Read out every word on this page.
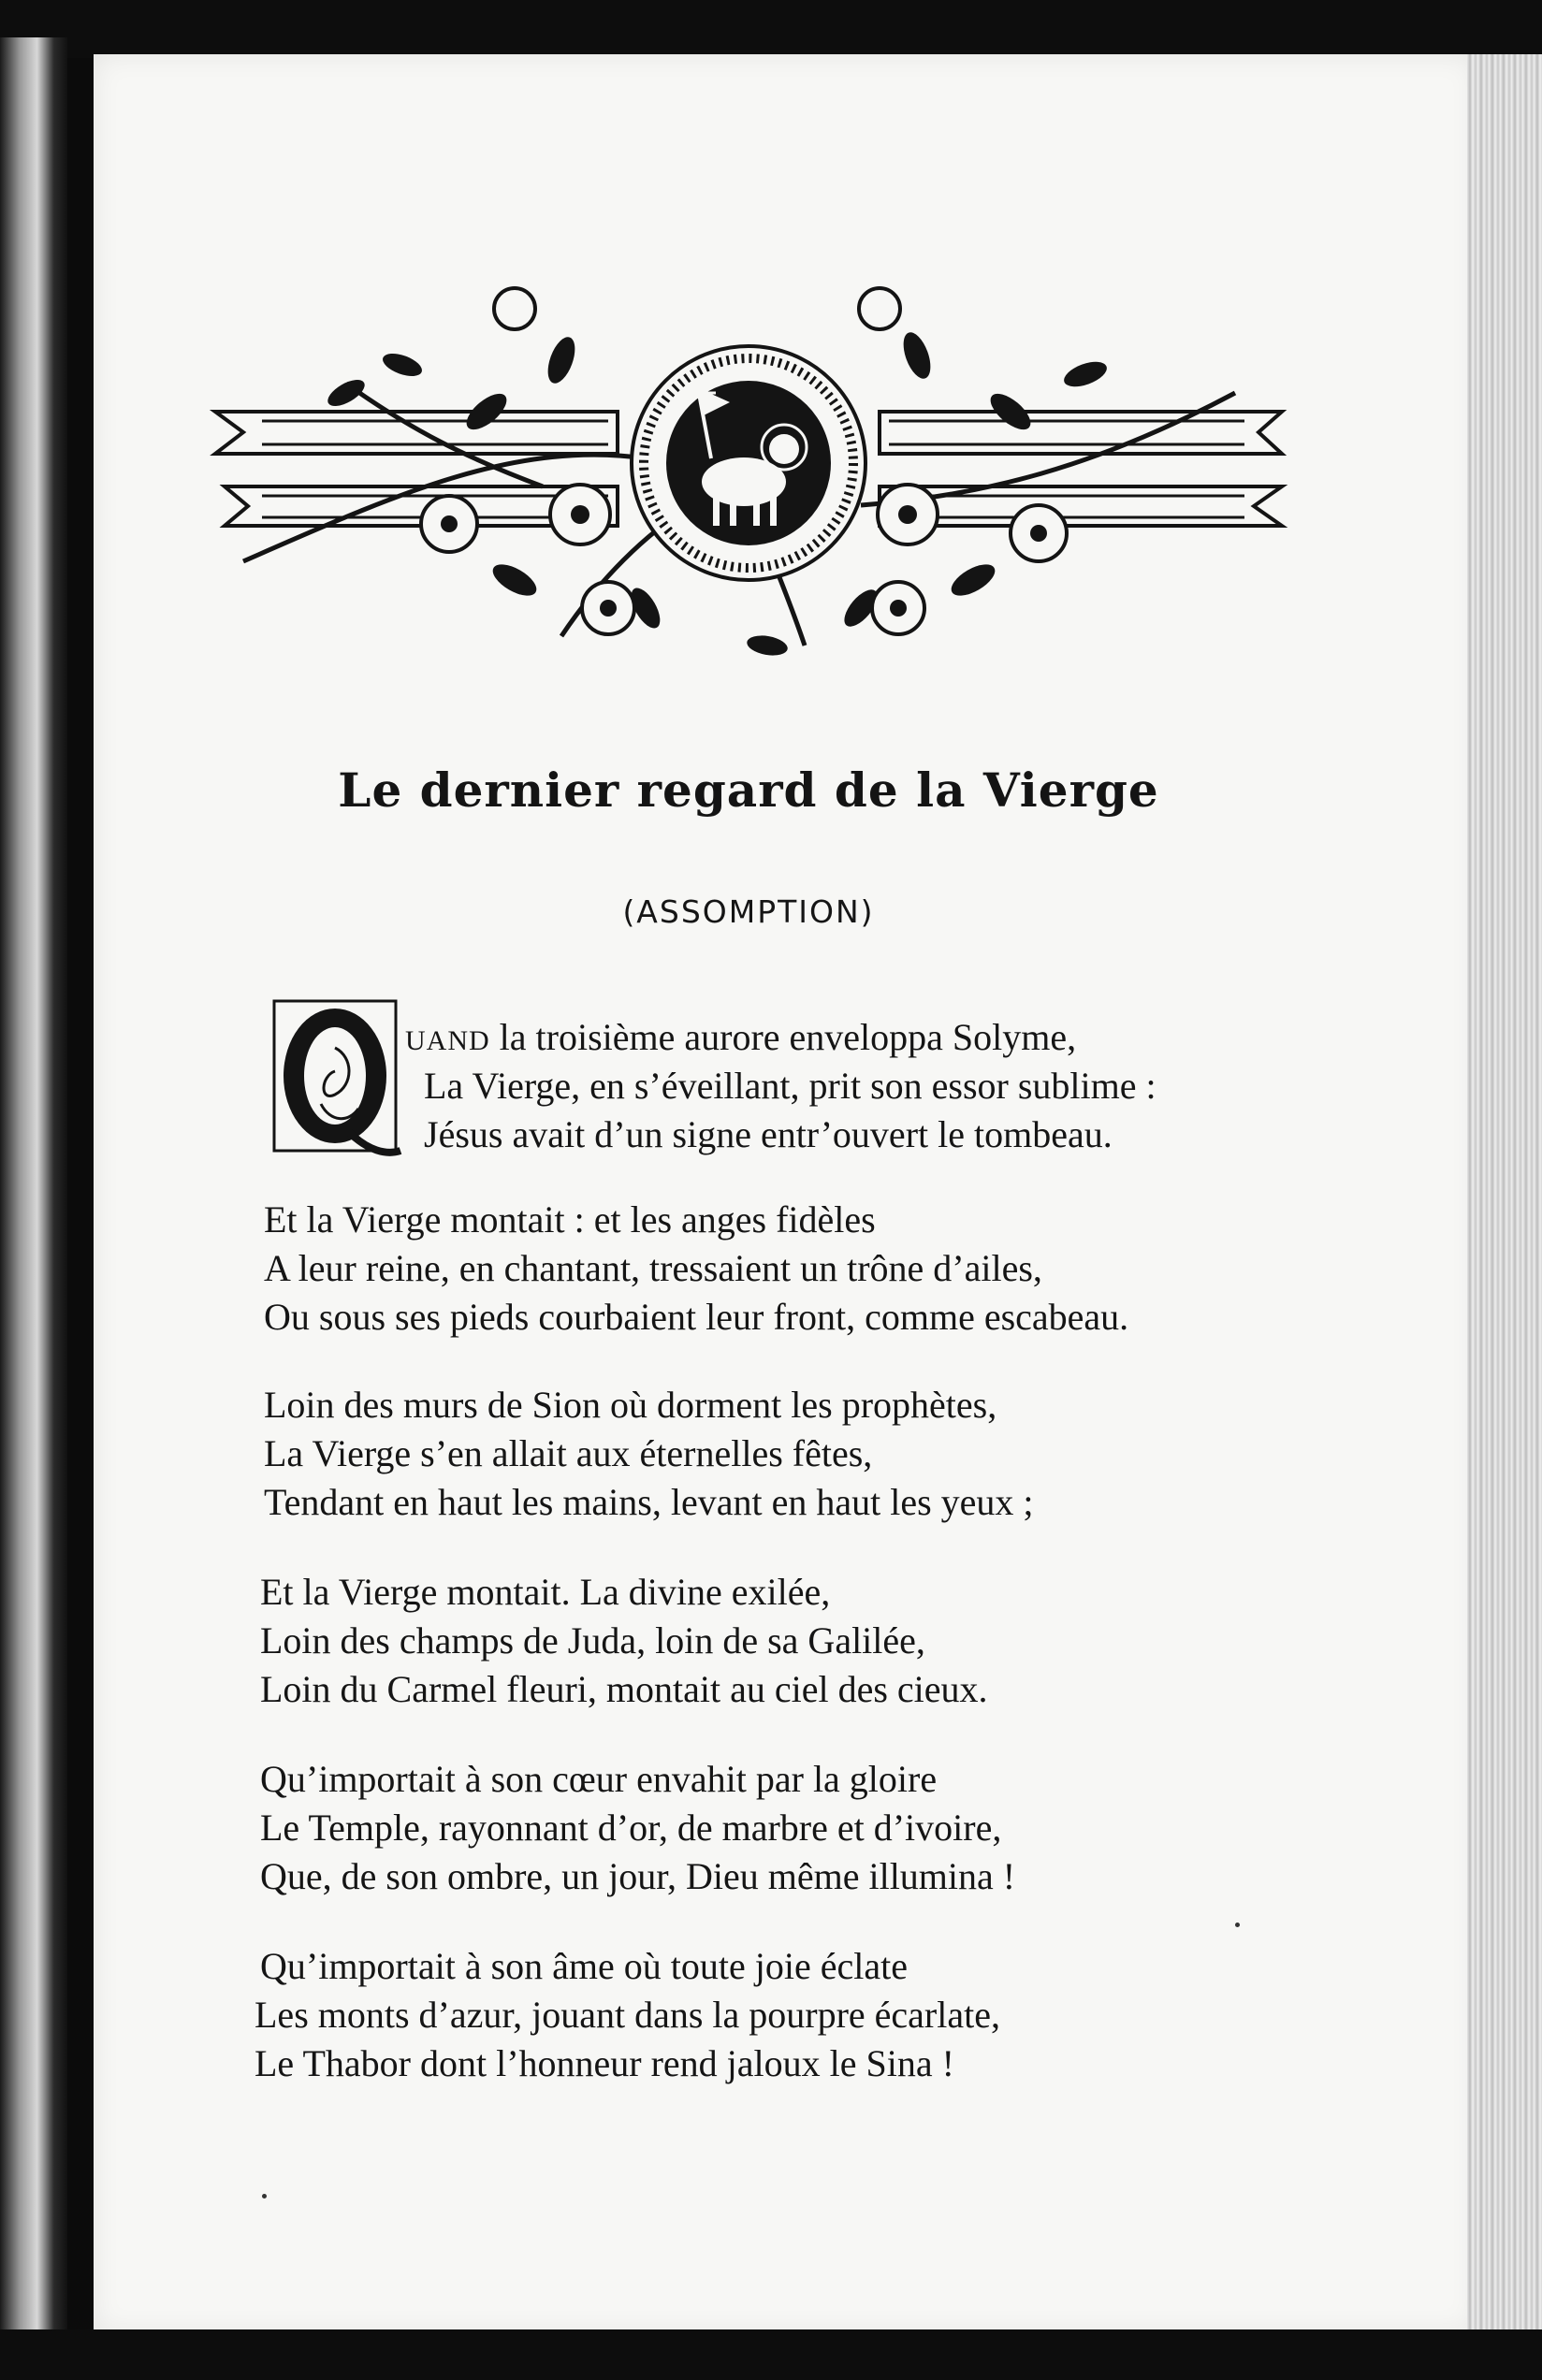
Le dernier regard de la Vierge
(ASSOMPTION)
UAND la troisième aurore enveloppa Solyme,
La Vierge, en s’éveillant, prit son essor sublime :
Jésus avait d’un signe entr’ouvert le tombeau.
Et la Vierge montait : et les anges fidèles
A leur reine, en chantant, tressaient un trône d’ailes,
Ou sous ses pieds courbaient leur front, comme escabeau.
Loin des murs de Sion où dorment les prophètes,
La Vierge s’en allait aux éternelles fêtes,
Tendant en haut les mains, levant en haut les yeux ;
Et la Vierge montait. La divine exilée,
Loin des champs de Juda, loin de sa Galilée,
Loin du Carmel fleuri, montait au ciel des cieux.
Qu’importait à son cœur envahit par la gloire
Le Temple, rayonnant d’or, de marbre et d’ivoire,
Que, de son ombre, un jour, Dieu même illumina !
Qu’importait à son âme où toute joie éclate
Les monts d’azur, jouant dans la pourpre écarlate,
Le Thabor dont l’honneur rend jaloux le Sina !
